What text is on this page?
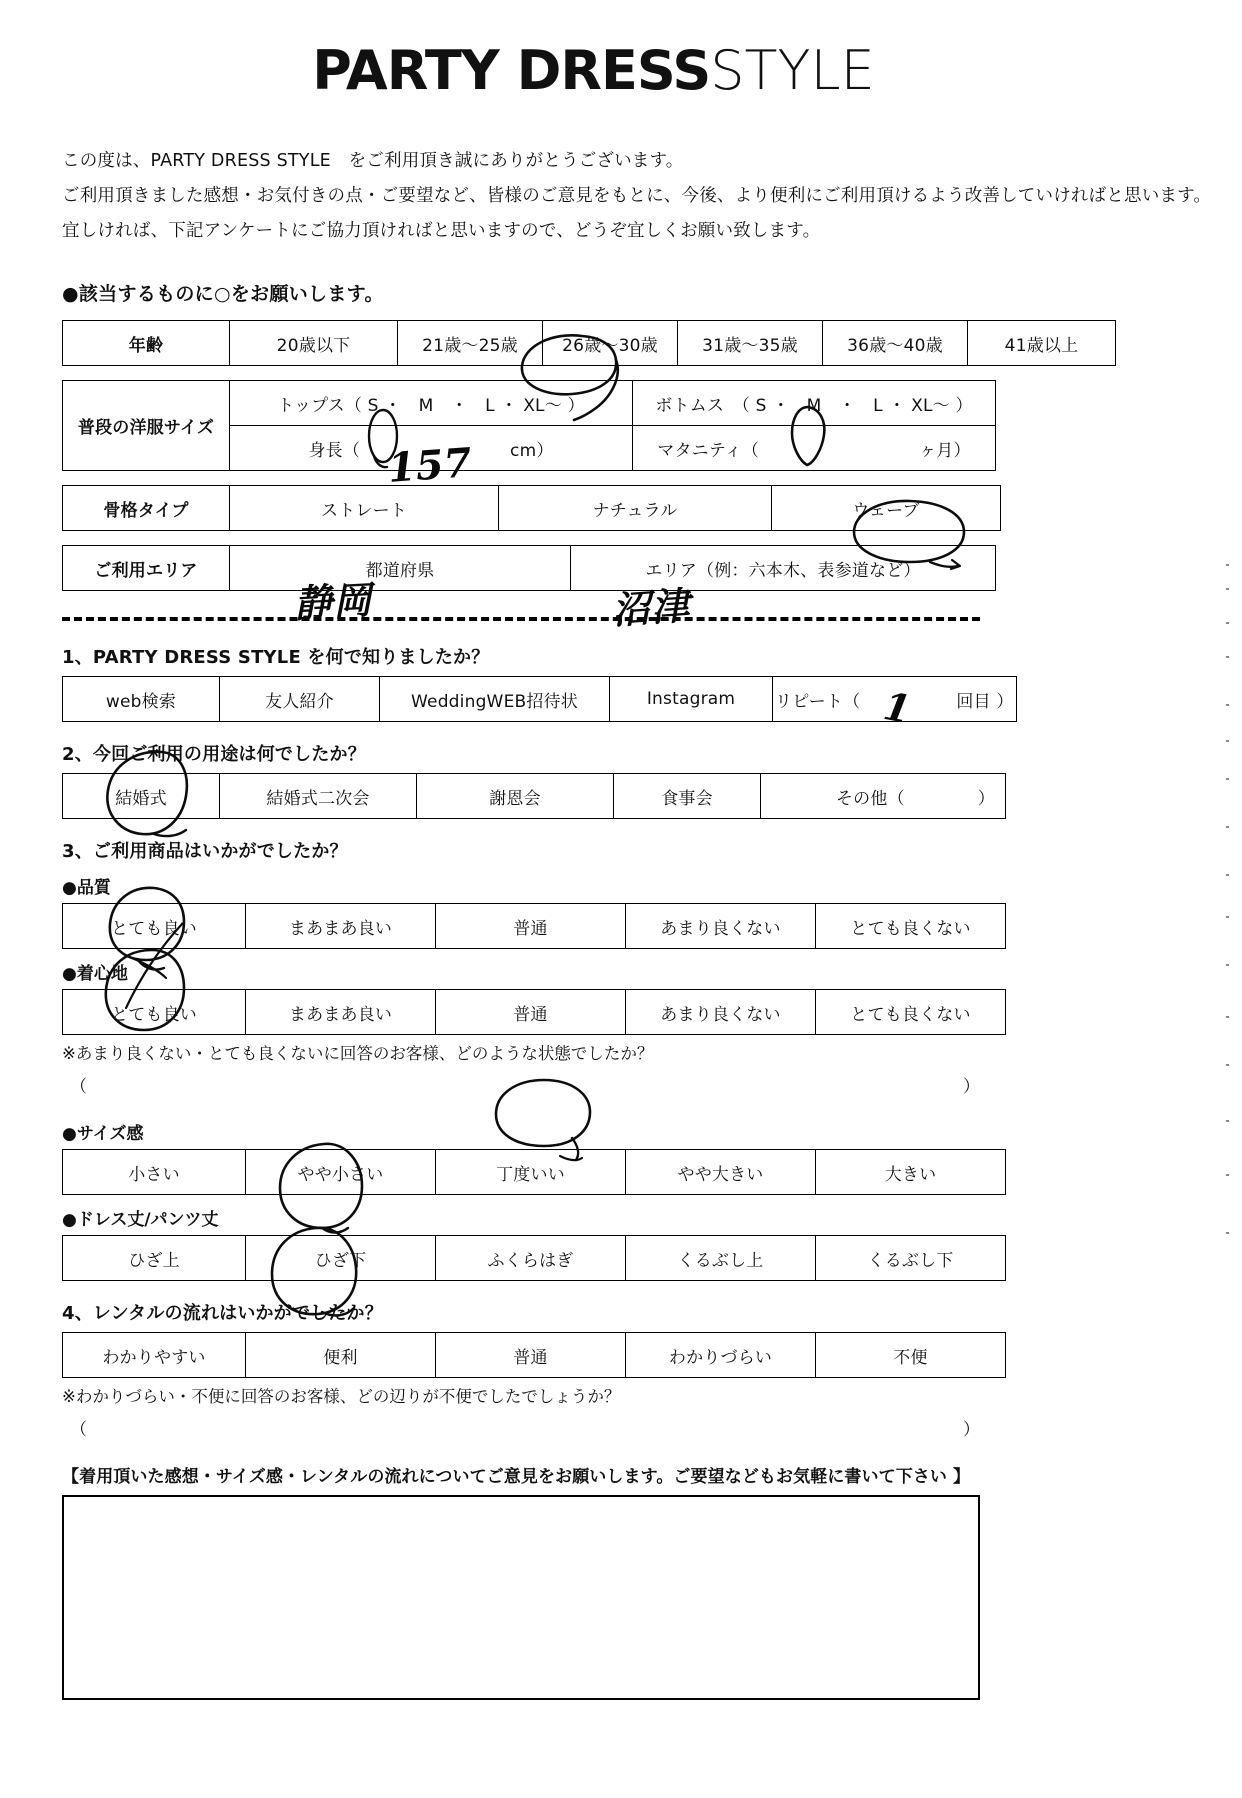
PARTY DRESSSTYLE
この度は、PARTY DRESS STYLE　をご利用頂き誠にありがとうございます。
ご利用頂きました感想・お気付きの点・ご要望など、皆様のご意見をもとに、今後、より便利にご利用頂けるよう改善していければと思います。
宜しければ、下記アンケートにご協力頂ければと思いますので、どうぞ宜しくお願い致します。
●該当するものに○をお願いします。
年齢	20歳以下	21歳～25歳	26歳～30歳	31歳～35歳	36歳～40歳	41歳以上
普段の洋服サイズ	トップス（ S ・　M　・　L ・ XL～ ）	ボトムス　（ S ・　M　・　L ・ XL～ ）
	身長（ cm）	マタニティ（ ヶ月）
骨格タイプ	ストレート	ナチュラル	ウェーブ
ご利用エリア	都道府県	エリア（例：六本木、表参道など）
1、PARTY DRESS STYLE を何で知りましたか？
web検索	友人紹介	WeddingWEB招待状	Instagram	リピート（	回目 ）
2、今回ご利用の用途は何でしたか？
結婚式	結婚式二次会	謝恩会	食事会	その他（	）
3、ご利用商品はいかがでしたか？
●品質
とても良い	まあまあ良い	普通	あまり良くない	とても良くない
●着心地
とても良い	まあまあ良い	普通	あまり良くない	とても良くない
※あまり良くない・とても良くないに回答のお客様、どのような状態でしたか？
（	）
●サイズ感
小さい	やや小さい	丁度いい	やや大きい	大きい
●ドレス丈/パンツ丈
ひざ上	ひざ下	ふくらはぎ	くるぶし上	くるぶし下
4、レンタルの流れはいかがでしたか？
わかりやすい	便利	普通	わかりづらい	不便
※わかりづらい・不便に回答のお客様、どの辺りが不便でしたでしょうか？
（	）
【着用頂いた感想・サイズ感・レンタルの流れについてご意見をお願いします。ご要望などもお気軽に書いて下さい 】
157
静岡	沼津
1
